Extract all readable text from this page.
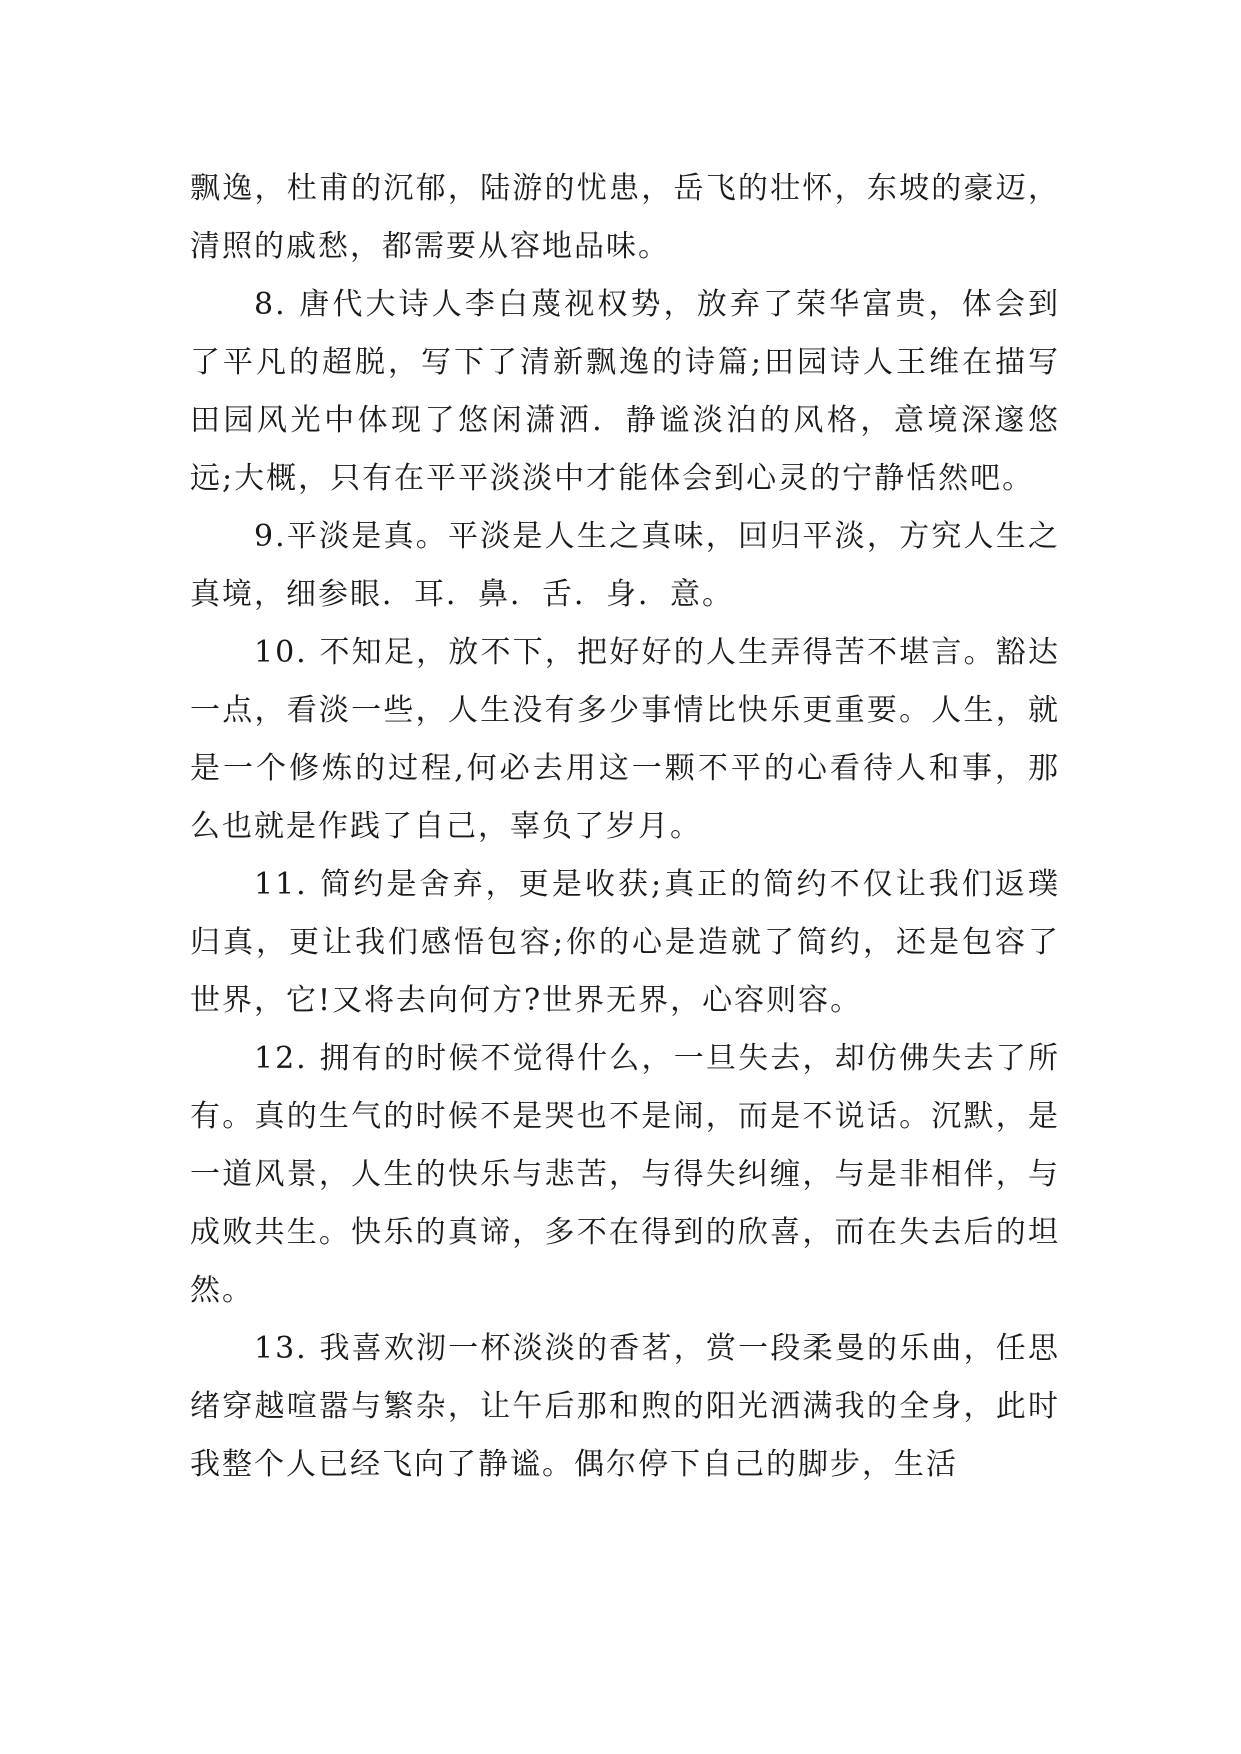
飘逸，杜甫的沉郁，陆游的忧患，岳飞的壮怀，东坡的豪迈，清照的戚愁，都需要从容地品味。

8. 唐代大诗人李白蔑视权势，放弃了荣华富贵，体会到了平凡的超脱，写下了清新飘逸的诗篇;田园诗人王维在描写田园风光中体现了悠闲潇洒．静谧淡泊的风格，意境深邃悠远;大概，只有在平平淡淡中才能体会到心灵的宁静恬然吧。

9.平淡是真。平淡是人生之真味，回归平淡，方究人生之真境，细参眼．耳．鼻．舌．身．意。

10. 不知足，放不下，把好好的人生弄得苦不堪言。豁达一点，看淡一些，人生没有多少事情比快乐更重要。人生，就是一个修炼的过程,何必去用这一颗不平的心看待人和事，那么也就是作践了自己，辜负了岁月。

11. 简约是舍弃，更是收获;真正的简约不仅让我们返璞归真，更让我们感悟包容;你的心是造就了简约，还是包容了世界，它!又将去向何方?世界无界，心容则容。

12. 拥有的时候不觉得什么，一旦失去，却仿佛失去了所有。真的生气的时候不是哭也不是闹，而是不说话。沉默，是一道风景，人生的快乐与悲苦，与得失纠缠，与是非相伴，与成败共生。快乐的真谛，多不在得到的欣喜，而在失去后的坦然。

13. 我喜欢沏一杯淡淡的香茗，赏一段柔曼的乐曲，任思绪穿越喧嚣与繁杂，让午后那和煦的阳光洒满我的全身，此时我整个人已经飞向了静谧。偶尔停下自己的脚步，生活
